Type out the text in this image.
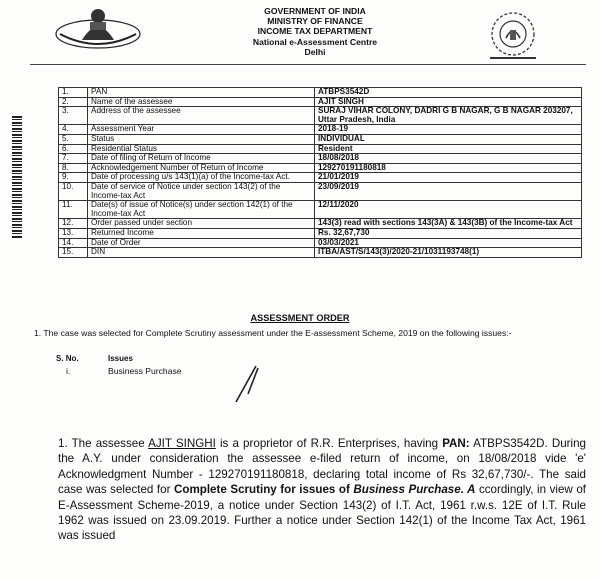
GOVERNMENT OF INDIA
MINISTRY OF FINANCE
INCOME TAX DEPARTMENT
National e-Assessment Centre
Delhi
1.	PAN	ATBPS3542D
2.	Name of the assessee	AJIT SINGH
3.	Address of the assessee	SURAJ VIHAR COLONY, DADRI G B NAGAR, G B NAGAR 203207, Uttar Pradesh, India
4.	Assessment Year	2018-19
5.	Status	INDIVIDUAL
6.	Residential Status	Resident
7.	Date of filing of Return of Income	18/08/2018
8.	Acknowledgement Number of Return of Income	129270191180818
9.	Date of processing u/s 143(1)(a) of the Income-tax Act.	21/01/2019
10.	Date of service of Notice under section 143(2) of the Income-tax Act	23/09/2019
11.	Date(s) of issue of Notice(s) under section 142(1) of the Income-tax Act	12/11/2020
12.	Order passed under section	143(3) read with sections 143(3A) & 143(3B) of the Income-tax Act
13.	Returned Income	Rs. 32,67,730
14.	Date of Order	03/03/2021
15.	DIN	ITBA/AST/S/143(3)/2020-21/1031193748(1)
ASSESSMENT ORDER
1. The case was selected for Complete Scrutiny assessment under the E-assessment Scheme, 2019 on the following issues:-
S. No.	Issues
i.	Business Purchase
1. The assessee AJIT SINGHI is a proprietor of R.R. Enterprises, having PAN: ATBPS3542D. During the A.Y. under consideration the assessee e-filed return of income, on 18/08/2018 vide 'e' Acknowledgment Number - 129270191180818, declaring total income of Rs 32,67,730/-. The said case was selected for Complete Scrutiny for issues of Business Purchase. A ccordingly, in view of E-Assessment Scheme-2019, a notice under Section 143(2) of I.T. Act, 1961 r.w.s. 12E of I.T. Rule 1962 was issued on 23.09.2019. Further a notice under Section 142(1) of the Income Tax Act, 1961 was issued
